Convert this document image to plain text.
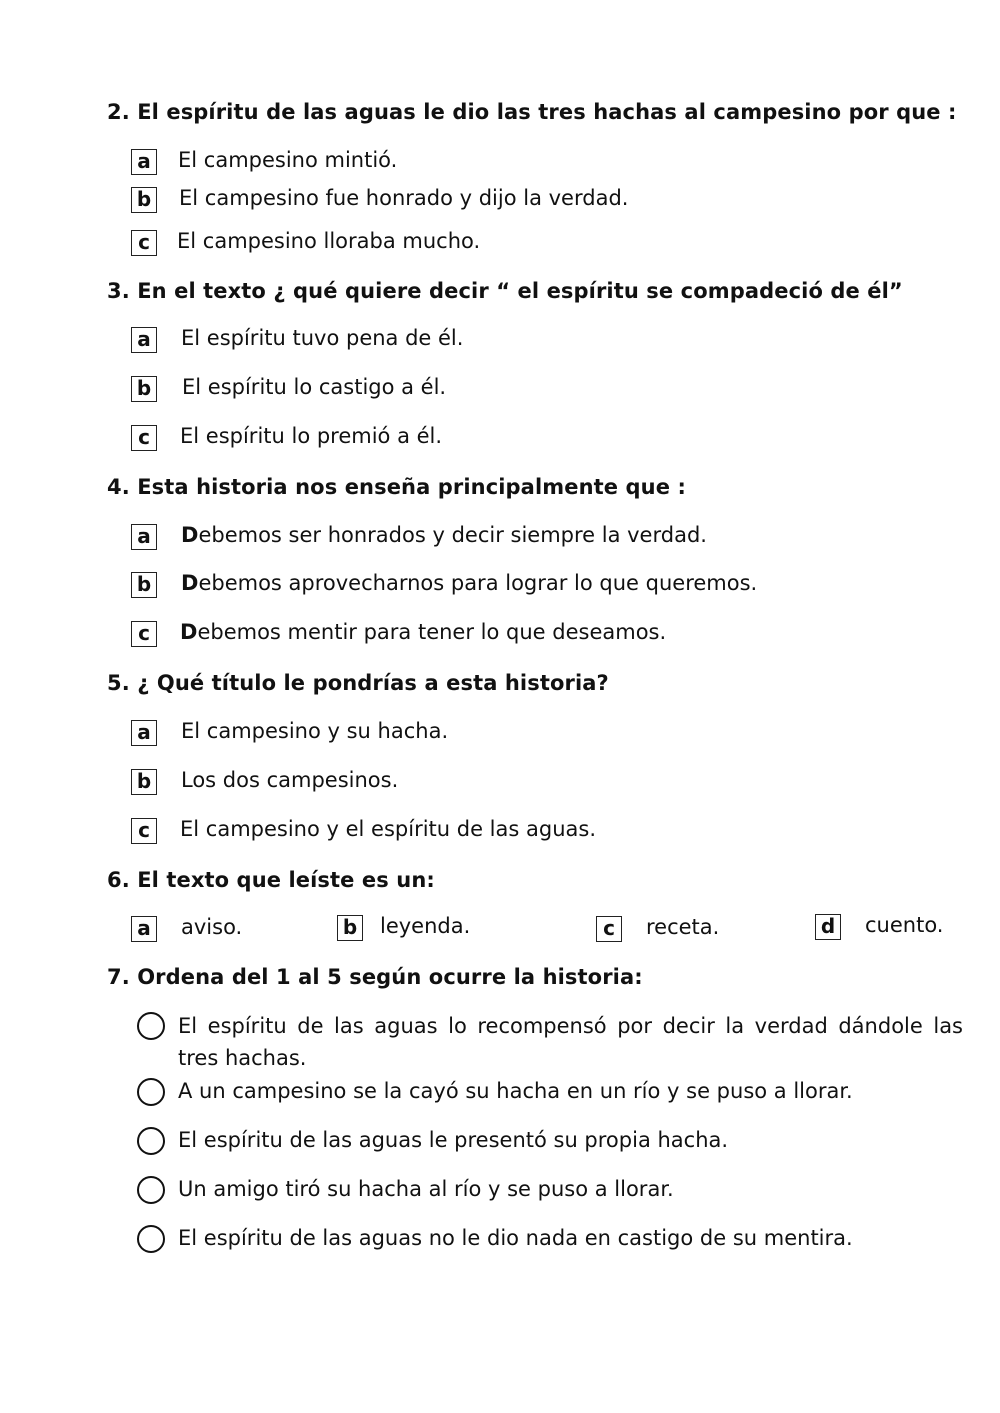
2. El espíritu de las aguas le dio las tres hachas al campesino por que :
a El campesino mintió.
b El campesino fue honrado y dijo la verdad.
c	El campesino lloraba mucho.
3. En el texto ¿ qué quiere decir “ el espíritu se compadeció de él”
a El espíritu tuvo pena de él.
b El espíritu lo castigo a él.
c	El espíritu lo premió a él.
4. Esta historia nos enseña principalmente que :
a Debemos ser honrados y decir siempre la verdad.
b Debemos aprovecharnos para lograr lo que queremos.
c	Debemos mentir para tener lo que deseamos.
5. ¿ Qué título le pondrías a esta historia?
a El campesino y su hacha.
b Los dos campesinos.
c	El campesino y el espíritu de las aguas.
6. El texto que leíste es un:
a aviso.	b leyenda.	c	receta.	d cuento.
7. Ordena del 1 al 5 según ocurre la historia:
El espíritu de las aguas lo recompensó por decir la verdad dándole las tres hachas.
A un campesino se la cayó su hacha en un río y se puso a llorar.
El espíritu de las aguas le presentó su propia hacha.
Un amigo tiró su hacha al río y se puso a llorar.
El espíritu de las aguas no le dio nada en castigo de su mentira.
